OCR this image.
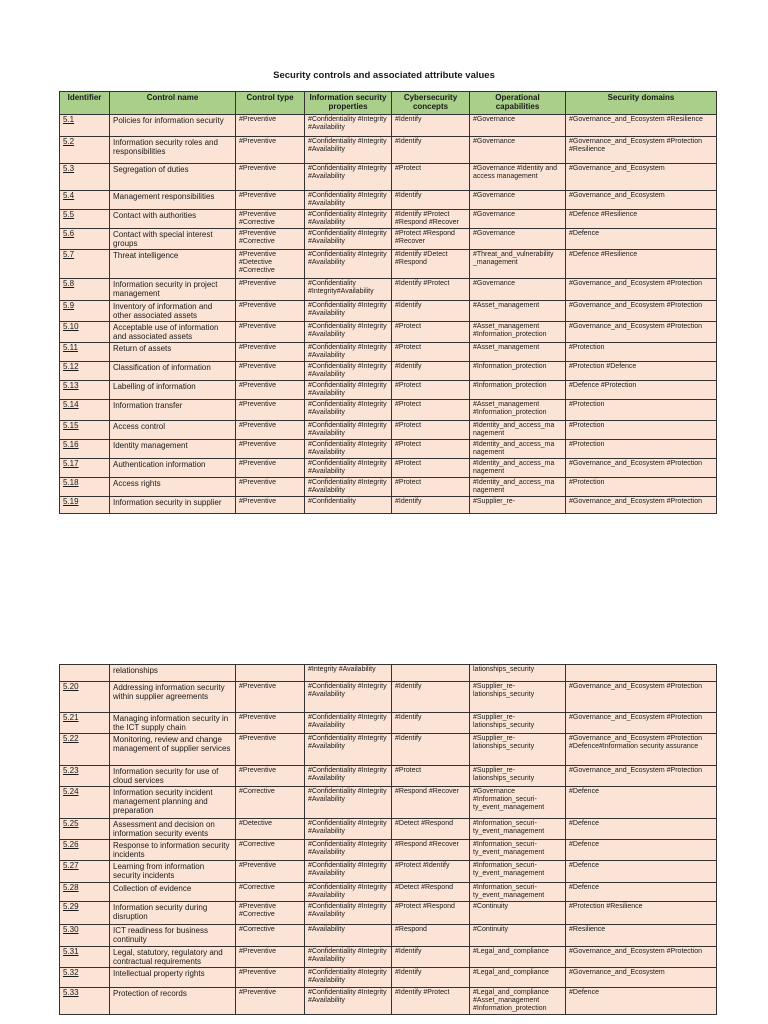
Security controls and associated attribute values
Identifier	Control name	Control type	Information security properties	Cybersecurity concepts	Operational capabilities	Security domains
5.1	Policies for information security	#Preventive	#Confidentiality #Integrity #Availability	#Identify	#Governance	#Governance_and_Ecosystem #Resilience
5.2	Information security roles and responsibilities	#Preventive	#Confidentiality #Integrity #Availability	#Identify	#Governance	#Governance_and_Ecosystem #Protection #Resilience
5.3	Segregation of duties	#Preventive	#Confidentiality #Integrity #Availability	#Protect	#Governance #Identity and access management	#Governance_and_Ecosystem
5.4	Management responsibilities	#Preventive	#Confidentiality #Integrity #Availability	#Identify	#Governance	#Governance_and_Ecosystem
5.5	Contact with authorities	#Preventive #Corrective	#Confidentiality #Integrity #Availability	#Identify #Protect #Respond #Recover	#Governance	#Defence #Resilience
5.6	Contact with special interest groups	#Preventive #Corrective	#Confidentiality #Integrity #Availability	#Protect #Respond #Recover	#Governance	#Defence
5.7	Threat intelligence	#Preventive #Detective #Corrective	#Confidentiality #Integrity #Availability	#Identify #Detect #Respond	#Threat_and_vulnerability _management	#Defence #Resilience
5.8	Information security in project management	#Preventive	#Confidentiality #Integrity#Availability	#Identify #Protect	#Governance	#Governance_and_Ecosystem #Protection
5.9	Inventory of information and other associated assets	#Preventive	#Confidentiality #Integrity #Availability	#Identify	#Asset_management	#Governance_and_Ecosystem #Protection
5.10	Acceptable use of information and associated assets	#Preventive	#Confidentiality #Integrity #Availability	#Protect	#Asset_management #Information_protection	#Governance_and_Ecosystem #Protection
5.11	Return of assets	#Preventive	#Confidentiality #Integrity #Availability	#Protect	#Asset_management	#Protection
5.12	Classification of information	#Preventive	#Confidentiality #Integrity #Availability	#Identify	#Information_protection	#Protection #Defence
5.13	Labelling of information	#Preventive	#Confidentiality #Integrity #Availability	#Protect	#Information_protection	#Defence #Protection
5.14	Information transfer	#Preventive	#Confidentiality #Integrity #Availability	#Protect	#Asset_management #Information_protection	#Protection
5.15	Access control	#Preventive	#Confidentiality #Integrity #Availability	#Protect	#Identity_and_access_ma nagement	#Protection
5.16	Identity management	#Preventive	#Confidentiality #Integrity #Availability	#Protect	#Identity_and_access_ma nagement	#Protection
5.17	Authentication information	#Preventive	#Confidentiality #Integrity #Availability	#Protect	#Identity_and_access_ma nagement	#Governance_and_Ecosystem #Protection
5.18	Access rights	#Preventive	#Confidentiality #Integrity #Availability	#Protect	#Identity_and_access_ma nagement	#Protection
5.19	Information security in supplier	#Preventive	#Confidentiality	#Identify	#Supplier_re-	#Governance_and_Ecosystem #Protection
	relationships		#Integrity #Availability		lationships_security	
5.20	Addressing information security within supplier agreements	#Preventive	#Confidentiality #Integrity #Availability	#Identify	#Supplier_re- lationships_security	#Governance_and_Ecosystem #Protection
5.21	Managing information security in the ICT supply chain	#Preventive	#Confidentiality #Integrity #Availability	#Identify	#Supplier_re- lationships_security	#Governance_and_Ecosystem #Protection
5.22	Monitoring, review and change management of supplier services	#Preventive	#Confidentiality #Integrity #Availability	#Identify	#Supplier_re- lationships_security	#Governance_and_Ecosystem #Protection #Defence#Information security assurance
5.23	Information security for use of cloud services	#Preventive	#Confidentiality #Integrity #Availability	#Protect	#Supplier_re- lationships_security	#Governance_and_Ecosystem #Protection
5.24	Information security incident management planning and preparation	#Corrective	#Confidentiality #Integrity #Availability	#Respond #Recover	#Governance #Information_securi- ty_event_management	#Defence
5.25	Assessment and decision on information security events	#Detective	#Confidentiality #Integrity #Availability	#Detect #Respond	#Information_securi- ty_event_management	#Defence
5.26	Response to information security incidents	#Corrective	#Confidentiality #Integrity #Availability	#Respond #Recover	#Information_securi- ty_event_management	#Defence
5.27	Learning from information security incidents	#Preventive	#Confidentiality #Integrity #Availability	#Protect #Identify	#Information_securi- ty_event_management	#Defence
5.28	Collection of evidence	#Corrective	#Confidentiality #Integrity #Availability	#Detect #Respond	#Information_securi- ty_event_management	#Defence
5.29	Information security during disruption	#Preventive #Corrective	#Confidentiality #Integrity #Availability	#Protect #Respond	#Continuity	#Protection #Resilience
5.30	ICT readiness for business continuity	#Corrective	#Availability	#Respond	#Continuity	#Resilience
5.31	Legal, statutory, regulatory and contractual requirements	#Preventive	#Confidentiality #Integrity #Availability	#Identify	#Legal_and_compliance	#Governance_and_Ecosystem #Protection
5.32	Intellectual property rights	#Preventive	#Confidentiality #Integrity #Availability	#Identify	#Legal_and_compliance	#Governance_and_Ecosystem
5.33	Protection of records	#Preventive	#Confidentiality #Integrity #Availability	#Identify #Protect	#Legal_and_compliance #Asset_management #Information_protection	#Defence
